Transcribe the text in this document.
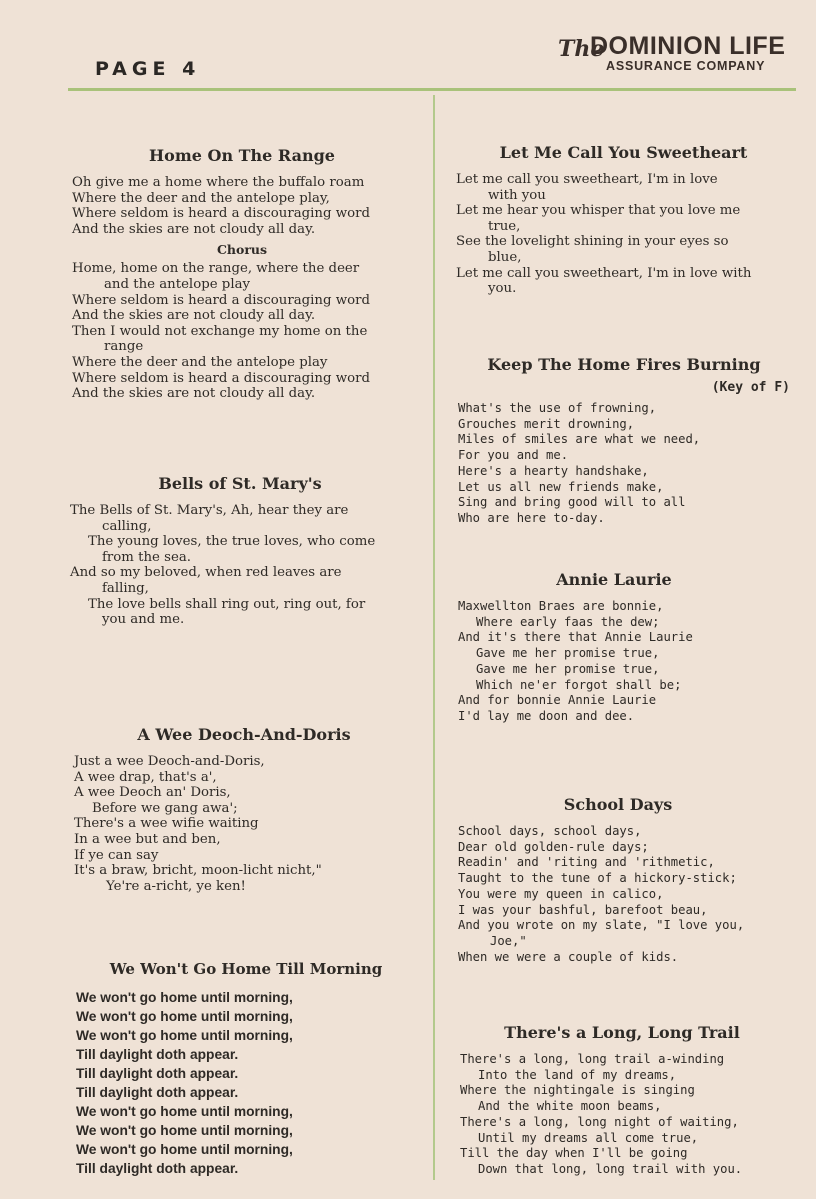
PAGE 4
The
DOMINION LIFE
ASSURANCE COMPANY
Home On The Range
Oh give me a home where the buffalo roam
Where the deer and the antelope play,
Where seldom is heard a discouraging word
And the skies are not cloudy all day.
Chorus
Home, home on the range, where the deer
and the antelope play
Where seldom is heard a discouraging word
And the skies are not cloudy all day.
Then I would not exchange my home on the
range
Where the deer and the antelope play
Where seldom is heard a discouraging word
And the skies are not cloudy all day.
Bells of St. Mary's
The Bells of St. Mary's, Ah, hear they are
calling,
The young loves, the true loves, who come
from the sea.
And so my beloved, when red leaves are
falling,
The love bells shall ring out, ring out, for
you and me.
A Wee Deoch-And-Doris
Just a wee Deoch-and-Doris,
A wee drap, that's a',
A wee Deoch an' Doris,
Before we gang awa';
There's a wee wifie waiting
In a wee but and ben,
If ye can say
It's a braw, bricht, moon-licht nicht,"
Ye're a-richt, ye ken!
We Won't Go Home Till Morning
We won't go home until morning,
We won't go home until morning,
We won't go home until morning,
Till daylight doth appear.
Till daylight doth appear.
Till daylight doth appear.
We won't go home until morning,
We won't go home until morning,
We won't go home until morning,
Till daylight doth appear.
Let Me Call You Sweetheart
Let me call you sweetheart, I'm in love
with you
Let me hear you whisper that you love me
true,
See the lovelight shining in your eyes so
blue,
Let me call you sweetheart, I'm in love with
you.
Keep The Home Fires Burning
(Key of F)
What's the use of frowning,
Grouches merit drowning,
Miles of smiles are what we need,
For you and me.
Here's a hearty handshake,
Let us all new friends make,
Sing and bring good will to all
Who are here to-day.
Annie Laurie
Maxwellton Braes are bonnie,
Where early faas the dew;
And it's there that Annie Laurie
Gave me her promise true,
Gave me her promise true,
Which ne'er forgot shall be;
And for bonnie Annie Laurie
I'd lay me doon and dee.
School Days
School days, school days,
Dear old golden-rule days;
Readin' and 'riting and 'rithmetic,
Taught to the tune of a hickory-stick;
You were my queen in calico,
I was your bashful, barefoot beau,
And you wrote on my slate, "I love you,
Joe,"
When we were a couple of kids.
There's a Long, Long Trail
There's a long, long trail a-winding
Into the land of my dreams,
Where the nightingale is singing
And the white moon beams,
There's a long, long night of waiting,
Until my dreams all come true,
Till the day when I'll be going
Down that long, long trail with you.
